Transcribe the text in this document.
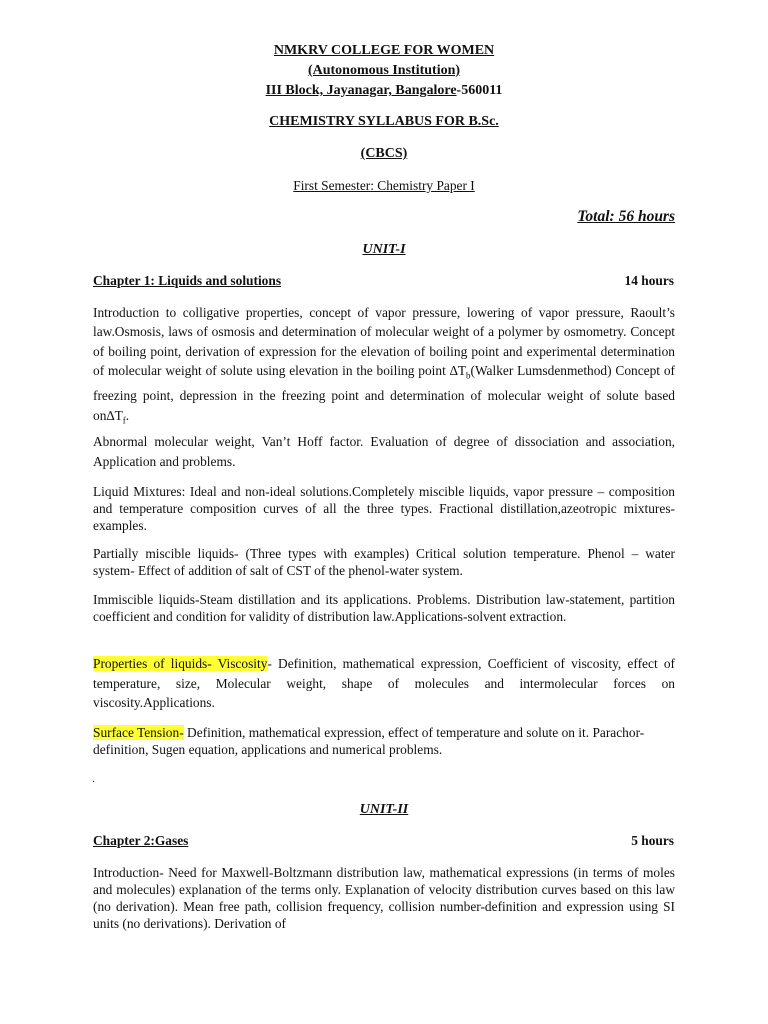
NMKRV COLLEGE FOR WOMEN
(Autonomous Institution)
III Block, Jayanagar, Bangalore-560011
CHEMISTRY SYLLABUS FOR B.Sc.
(CBCS)
First Semester: Chemistry Paper I
Total: 56 hours
UNIT-I
Chapter 1: Liquids and solutions	14 hours
Introduction to colligative properties, concept of vapor pressure, lowering of vapor pressure, Raoult’s law.Osmosis, laws of osmosis and determination of molecular weight of a polymer by osmometry. Concept of boiling point, derivation of expression for the elevation of boiling point and experimental determination of molecular weight of solute using elevation in the boiling point $\Delta T_b(Walker$ Lumsdenmethod) Concept of freezing point, depression in the freezing point and determination of molecular weight of solute based $on\Delta T_f$.
Abnormal molecular weight, Van’t Hoff factor. Evaluation of degree of dissociation and association, Application and problems.
Liquid Mixtures: Ideal and non-ideal solutions.Completely miscible liquids, vapor pressure – composition and temperature composition curves of all the three types. Fractional distillation,azeotropic mixtures- examples.
Partially miscible liquids- (Three types with examples) Critical solution temperature. Phenol – water system- Effect of addition of salt of CST of the phenol-water system.
Immiscible liquids-Steam distillation and its applications. Problems. Distribution law-statement, partition coefficient and condition for validity of distribution law.Applications-solvent extraction.
Properties of liquids- Viscosity- Definition, mathematical expression, Coefficient of viscosity, effect of temperature, size, Molecular weight, shape of molecules and intermolecular forces on viscosity.Applications.
Surface Tension- Definition, mathematical expression, effect of temperature and solute on it. Parachor-definition, Sugen equation, applications and numerical problems.
.
UNIT-II
Chapter 2:Gases	5 hours
Introduction- Need for Maxwell-Boltzmann distribution law, mathematical expressions (in terms of moles and molecules) explanation of the terms only. Explanation of velocity distribution curves based on this law (no derivation). Mean free path, collision frequency, collision number-definition and expression using SI units (no derivations). Derivation of
